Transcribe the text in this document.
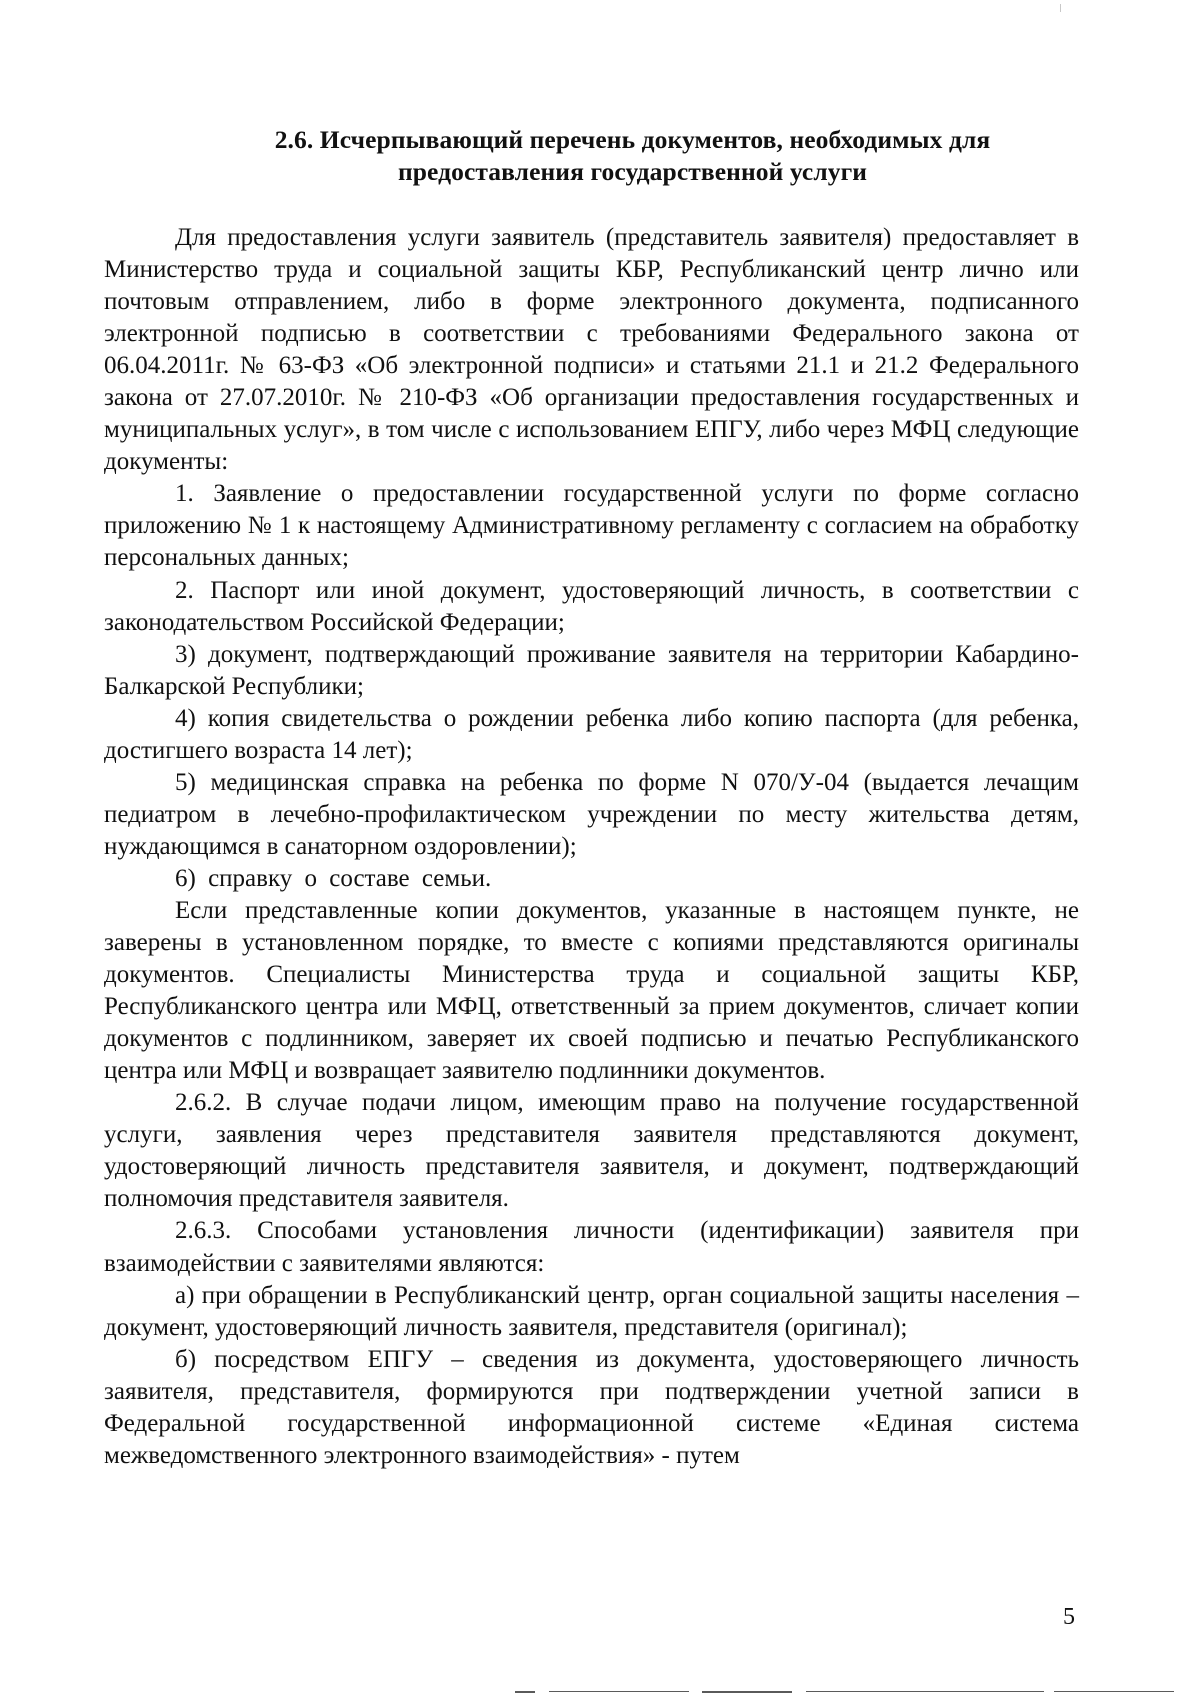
2.6. Исчерпывающий перечень документов, необходимых для
предоставления государственной услуги

Для предоставления услуги заявитель (представитель заявителя) предоставляет в Министерство труда и социальной защиты КБР, Республиканский центр лично или почтовым отправлением, либо в форме электронного документа, подписанного электронной подписью в соответствии с требованиями Федерального закона от 06.04.2011г. № 63-ФЗ «Об электронной подписи» и статьями 21.1 и 21.2 Федерального закона от 27.07.2010г. № 210-ФЗ «Об организации предоставления государственных и муниципальных услуг», в том числе с использованием ЕПГУ, либо через МФЦ следующие документы:

1. Заявление о предоставлении государственной услуги по форме согласно приложению № 1 к настоящему Административному регламенту с согласием на обработку персональных данных;

2. Паспорт или иной документ, удостоверяющий личность, в соответствии с законодательством Российской Федерации;

3) документ, подтверждающий проживание заявителя на территории Кабардино-Балкарской Республики;

4) копия свидетельства о рождении ребенка либо копию паспорта (для ребенка, достигшего возраста 14 лет);

5) медицинская справка на ребенка по форме N 070/У-04 (выдается лечащим педиатром в лечебно-профилактическом учреждении по месту жительства детям, нуждающимся в санаторном оздоровлении);

6) справку о составе семьи.

Если представленные копии документов, указанные в настоящем пункте, не заверены в установленном порядке, то вместе с копиями представляются оригиналы документов. Специалисты Министерства труда и социальной защиты КБР, Республиканского центра или МФЦ, ответственный за прием документов, сличает копии документов с подлинником, заверяет их своей подписью и печатью Республиканского центра или МФЦ и возвращает заявителю подлинники документов.

2.6.2. В случае подачи лицом, имеющим право на получение государственной услуги, заявления через представителя заявителя представляются документ, удостоверяющий личность представителя заявителя, и документ, подтверждающий полномочия представителя заявителя.

2.6.3. Способами установления личности (идентификации) заявителя при взаимодействии с заявителями являются:

а) при обращении в Республиканский центр, орган социальной защиты населения – документ, удостоверяющий личность заявителя, представителя (оригинал);

б) посредством ЕПГУ – сведения из документа, удостоверяющего личность заявителя, представителя, формируются при подтверждении учетной записи в Федеральной государственной информационной системе «Единая система межведомственного электронного взаимодействия» - путем

5
